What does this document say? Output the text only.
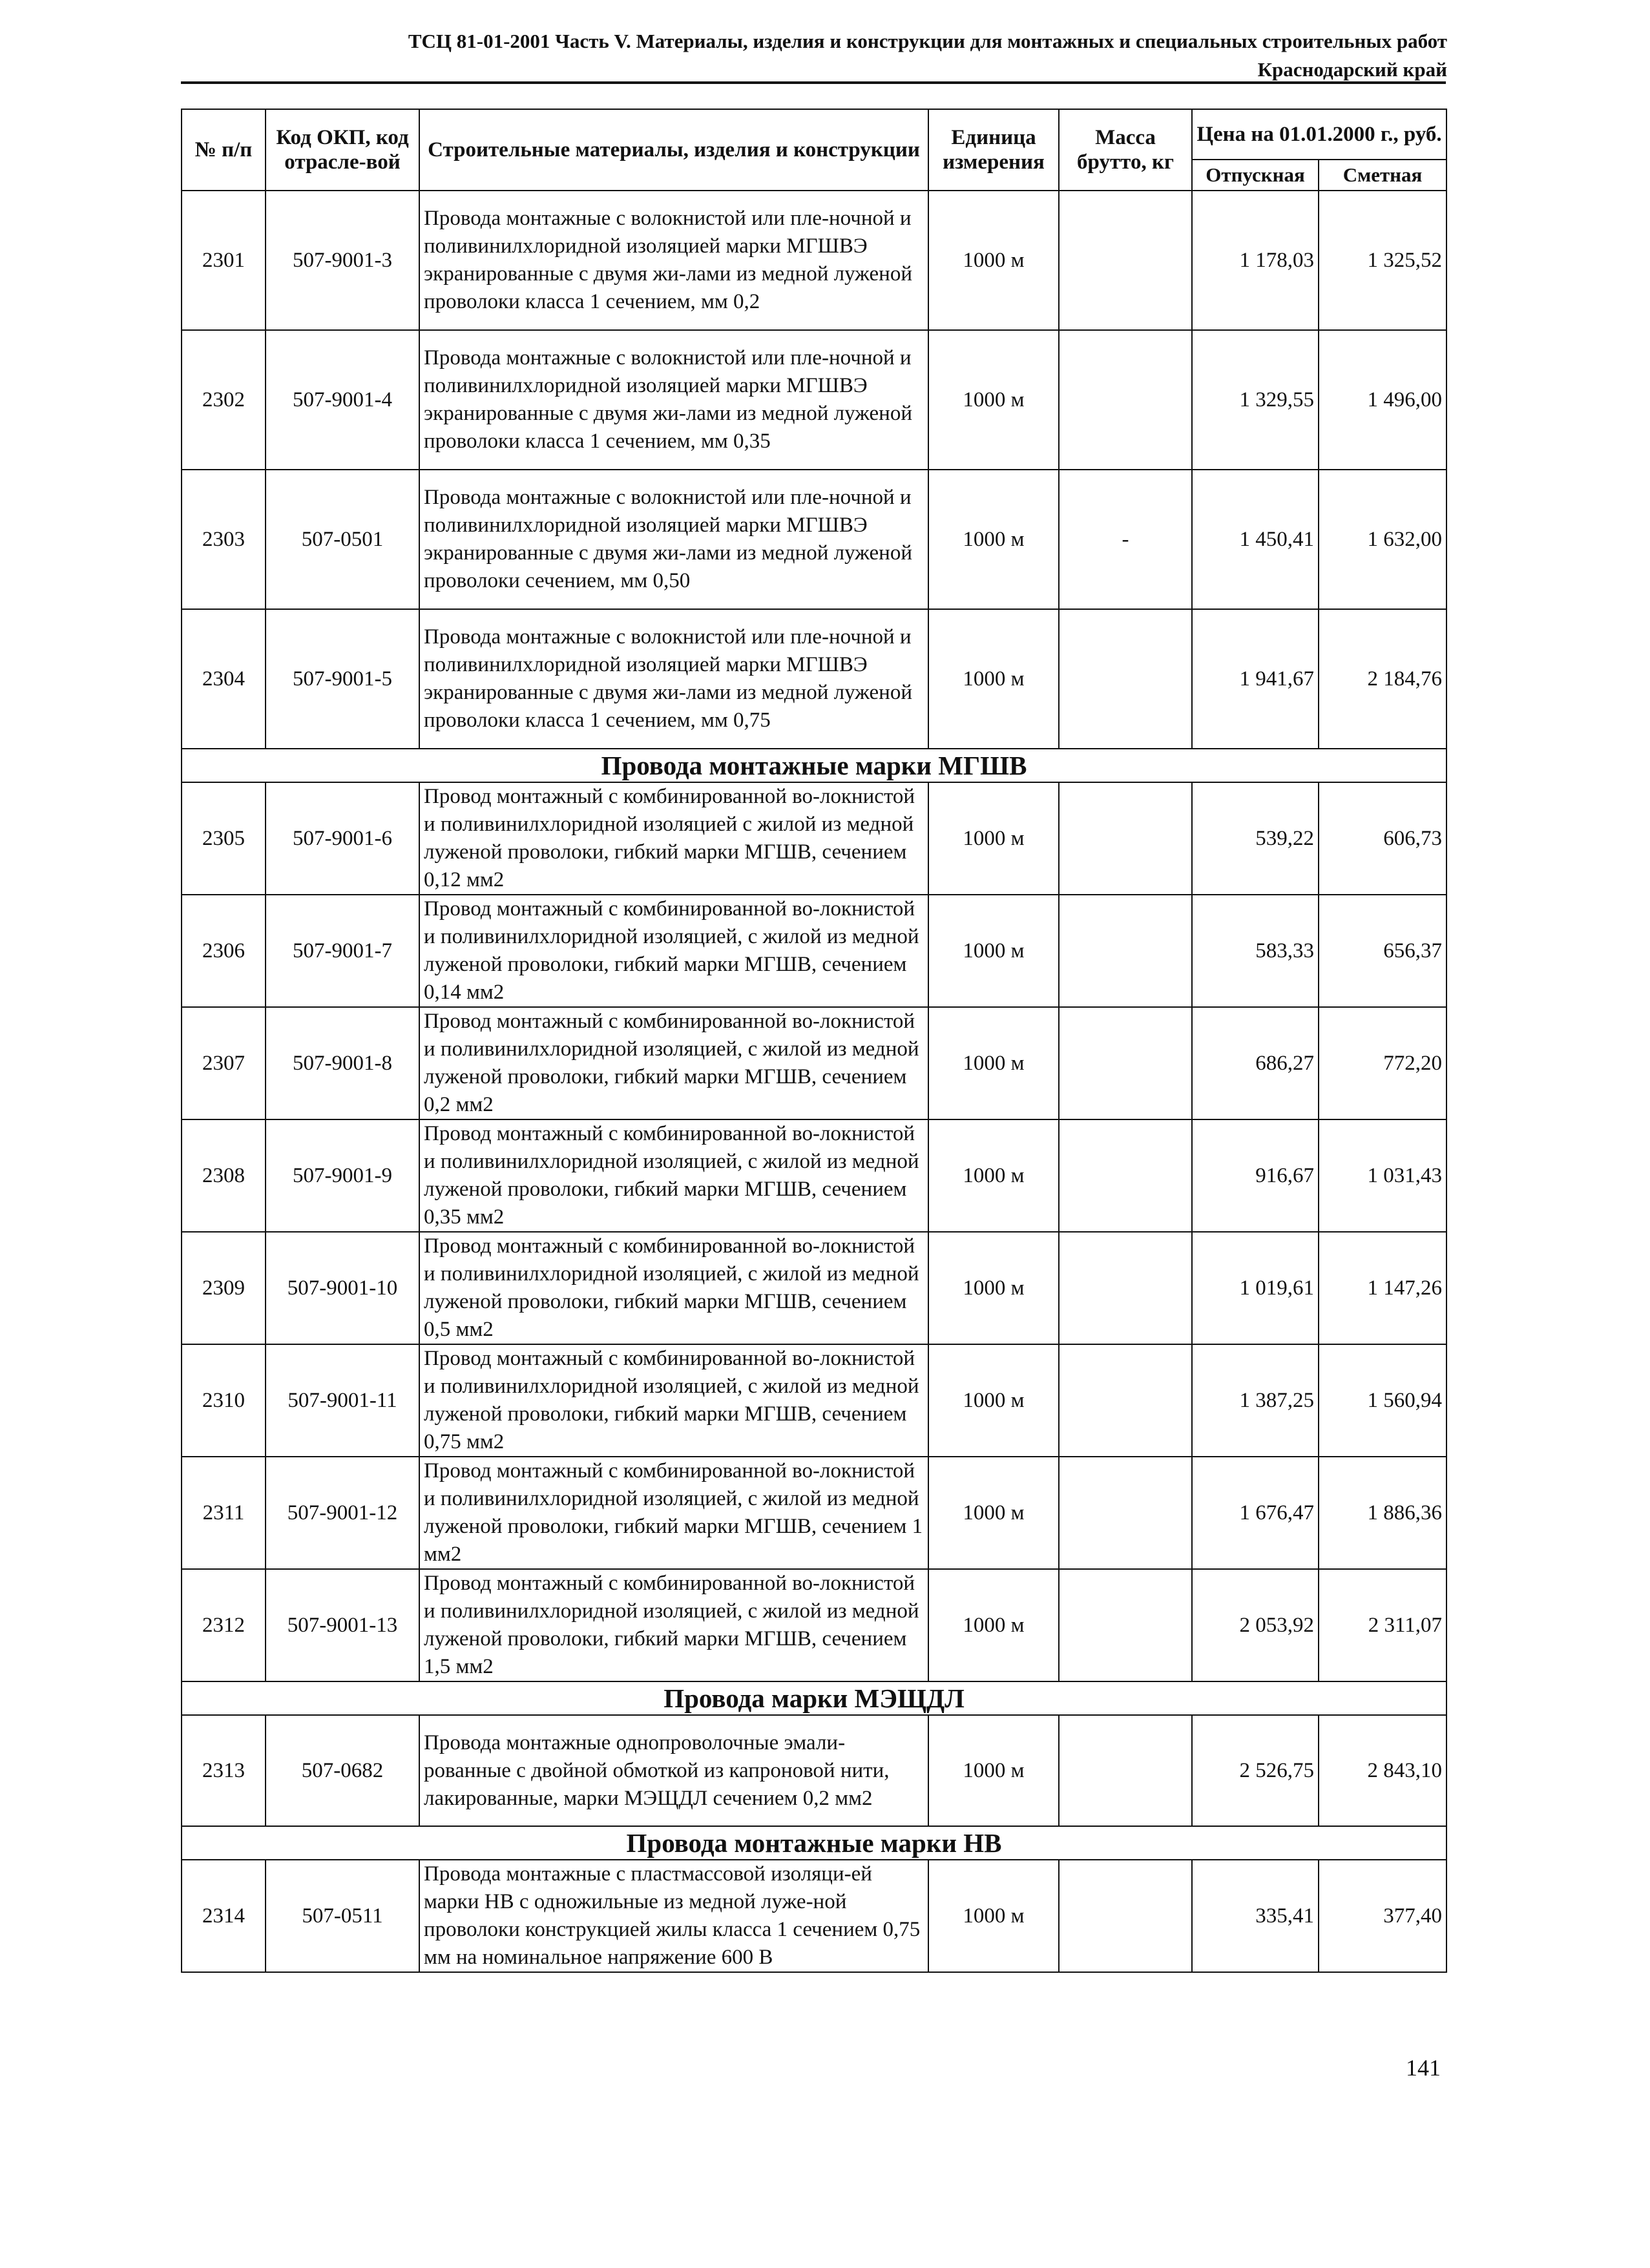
ТСЦ 81-01-2001 Часть V. Материалы, изделия и конструкции для монтажных и специальных строительных работ
Краснодарский край
№ п/п	Код ОКП, код отрасле-вой	Строительные материалы, изделия и конструкции	Единица измерения	Масса брутто, кг	Цена на 01.01.2000 г., руб.	
					Отпускная	Сметная
2301	507-9001-3	Провода монтажные с волокнистой или пле-ночной и поливинилхлоридной изоляцией марки МГШВЭ экранированные с двумя жи-лами из медной луженой проволоки класса 1 сечением, мм 0,2	1000 м		1 178,03	1 325,52
2302	507-9001-4	Провода монтажные с волокнистой или пле-ночной и поливинилхлоридной изоляцией марки МГШВЭ экранированные с двумя жи-лами из медной луженой проволоки класса 1 сечением, мм 0,35	1000 м		1 329,55	1 496,00
2303	507-0501	Провода монтажные с волокнистой или пле-ночной и поливинилхлоридной изоляцией марки МГШВЭ экранированные с двумя жи-лами из медной луженой проволоки сечением, мм 0,50	1000 м	-	1 450,41	1 632,00
2304	507-9001-5	Провода монтажные с волокнистой или пле-ночной и поливинилхлоридной изоляцией марки МГШВЭ экранированные с двумя жи-лами из медной луженой проволоки класса 1 сечением, мм 0,75	1000 м		1 941,67	2 184,76
Провода монтажные марки МГШВ						
2305	507-9001-6	Провод монтажный с комбинированной во-локнистой и поливинилхлоридной изоляцией с жилой из медной луженой проволоки, гибкий марки МГШВ, сечением 0,12 мм2	1000 м		539,22	606,73
2306	507-9001-7	Провод монтажный с комбинированной во-локнистой и поливинилхлоридной изоляцией, с жилой из медной луженой проволоки, гибкий марки МГШВ, сечением 0,14 мм2	1000 м		583,33	656,37
2307	507-9001-8	Провод монтажный с комбинированной во-локнистой и поливинилхлоридной изоляцией, с жилой из медной луженой проволоки, гибкий марки МГШВ, сечением 0,2 мм2	1000 м		686,27	772,20
2308	507-9001-9	Провод монтажный с комбинированной во-локнистой и поливинилхлоридной изоляцией, с жилой из медной луженой проволоки, гибкий марки МГШВ, сечением 0,35 мм2	1000 м		916,67	1 031,43
2309	507-9001-10	Провод монтажный с комбинированной во-локнистой и поливинилхлоридной изоляцией, с жилой из медной луженой проволоки, гибкий марки МГШВ, сечением 0,5 мм2	1000 м		1 019,61	1 147,26
2310	507-9001-11	Провод монтажный с комбинированной во-локнистой и поливинилхлоридной изоляцией, с жилой из медной луженой проволоки, гибкий марки МГШВ, сечением 0,75 мм2	1000 м		1 387,25	1 560,94
2311	507-9001-12	Провод монтажный с комбинированной во-локнистой и поливинилхлоридной изоляцией, с жилой из медной луженой проволоки, гибкий марки МГШВ, сечением 1 мм2	1000 м		1 676,47	1 886,36
2312	507-9001-13	Провод монтажный с комбинированной во-локнистой и поливинилхлоридной изоляцией, с жилой из медной луженой проволоки, гибкий марки МГШВ, сечением 1,5 мм2	1000 м		2 053,92	2 311,07
Провода марки МЭЩДЛ						
2313	507-0682	Провода монтажные однопроволочные эмали-рованные с двойной обмоткой из капроновой нити, лакированные, марки МЭЩДЛ сечением 0,2 мм2	1000 м		2 526,75	2 843,10
Провода монтажные марки НВ						
2314	507-0511	Провода монтажные с пластмассовой изоляци-ей марки НВ с одножильные из медной луже-ной проволоки конструкцией жилы класса 1 сечением 0,75 мм на номинальное напряжение 600 В	1000 м		335,41	377,40
141
